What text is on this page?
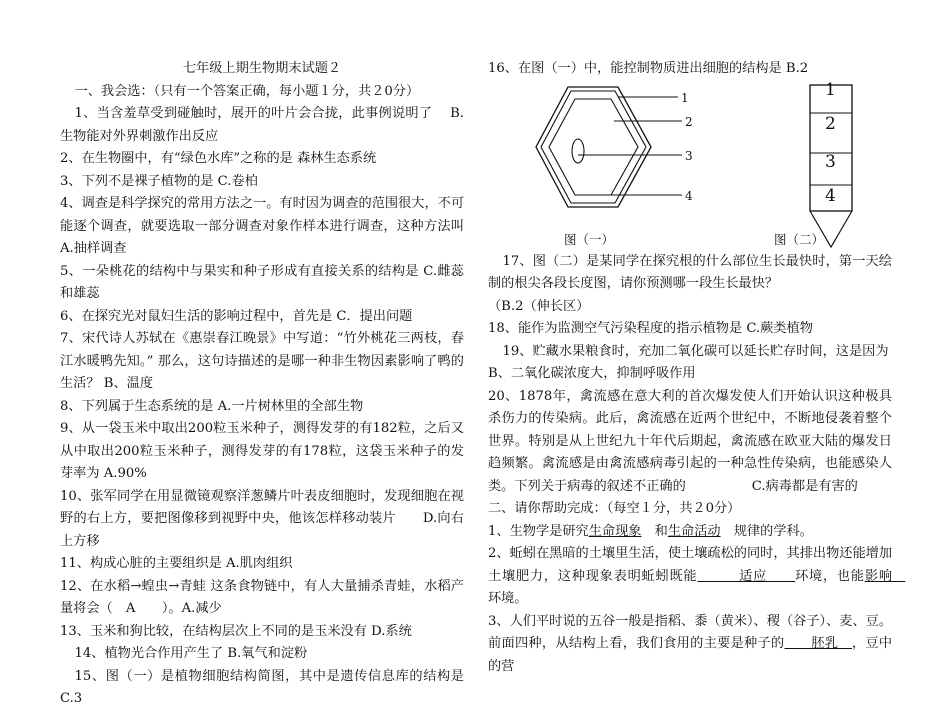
七年级上期生物期末试题２

一、我会选：（只有一个答案正确，每小题１分，共２0分）

1、当含羞草受到碰触时，展开的叶片会合拢，此事例说明了　 B.生物能对外界刺激作出反应

2、在生物圈中，有“绿色水库”之称的是 森林生态系统

3、下列不是裸子植物的是 C.卷柏

4、调查是科学探究的常用方法之一。有时因为调查的范围很大，不可能逐个调查，就要选取一部分调查对象作样本进行调查，这种方法叫 A.抽样调查

5、一朵桃花的结构中与果实和种子形成有直接关系的结构是 C.雌蕊和雄蕊

6、在探究光对鼠妇生活的影响过程中，首先是 C．提出问题

7、宋代诗人苏轼在《惠崇春江晚景》中写道：“竹外桃花三两枝，春江水暖鸭先知。” 那么，这句诗描述的是哪一种非生物因素影响了鸭的生活？ B、温度

8、下列属于生态系统的是 A.一片树林里的全部生物

9、从一袋玉米中取出200粒玉米种子，测得发芽的有182粒，之后又从中取出200粒玉米种子，测得发芽的有178粒，这袋玉米种子的发芽率为 A.90%

10、张军同学在用显微镜观察洋葱鳞片叶表皮细胞时，发现细胞在视野的右上方，要把图像移到视野中央，他该怎样移动装片　　D.向右上方移

11、构成心脏的主要组织是 A.肌肉组织

12、在水稻→蝗虫→青蛙 这条食物链中，有人大量捕杀青蛙，水稻产量将会（　A　　）。A.减少

13、玉米和狗比较，在结构层次上不同的是玉米没有 D.系统

14、植物光合作用产生了 B.氧气和淀粉

15、图（一）是植物细胞结构简图，其中是遗传信息库的结构是 C.3

16、在图（一）中，能控制物质进出细胞的结构是 B.2

1
2
3
4
1
2
3
4
图（一）	图（二）

17、图（二）是某同学在探究根的什么部位生长最快时，第一天绘制的根尖各段长度图，请你预测哪一段生长最快？

（B.2（伸长区）

18、能作为监测空气污染程度的指示植物是 C.蕨类植物

19、贮藏水果粮食时，充加二氧化碳可以延长贮存时间，这是因为

B、二氧化碳浓度大，抑制呼吸作用

20、1878年，禽流感在意大利的首次爆发使人们开始认识这种极具杀伤力的传染病。此后，禽流感在近两个世纪中，不断地侵袭着整个世界。特别是从上世纪九十年代后期起，禽流感在欧亚大陆的爆发日趋频繁。禽流感是由禽流感病毒引起的一种急性传染病，也能感染人类。下列关于病毒的叙述不正确的　　　　　C.病毒都是有害的

二、请你帮助完成：（每空１分，共２0分）

1、生物学是研究生命现象　和生命活动　规律的学科。

2、蚯蚓在黑暗的土壤里生活，使土壤疏松的同时，其排出物还能增加土壤肥力，这种现象表明蚯蚓既能　　　适应　　环境，也能影响　环境。

3、人们平时说的五谷一般是指稻、黍（黄米）、稷（谷子）、麦、豆。前面四种，从结构上看，我们食用的主要是种子的　　胚乳　，豆中的营
